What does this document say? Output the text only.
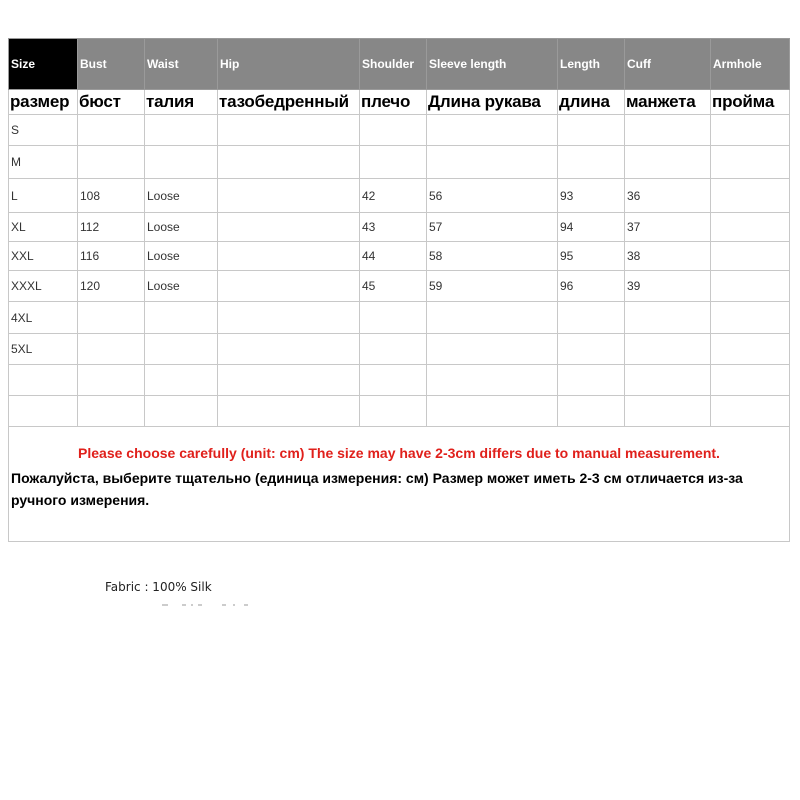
Size	Bust	Waist	Hip	Shoulder	Sleeve length	Length	Cuff	Armhole
размер	бюст	талия	тазобедренный	плечо	Длина рукава	длина	манжета	пройма
S								
M								
L	108	Loose		42	56	93	36	
XL	112	Loose		43	57	94	37	
XXL	116	Loose		44	58	95	38	
XXXL	120	Loose		45	59	96	39	
4XL								
5XL								

Please choose carefully (unit: cm) The size may have 2-3cm differs due to manual measurement.

Пожалуйста, выберите тщательно (единица измерения: см) Размер может иметь 2-3 см отличается из-за ручного измерения.								

Fabric : 100% Silk
